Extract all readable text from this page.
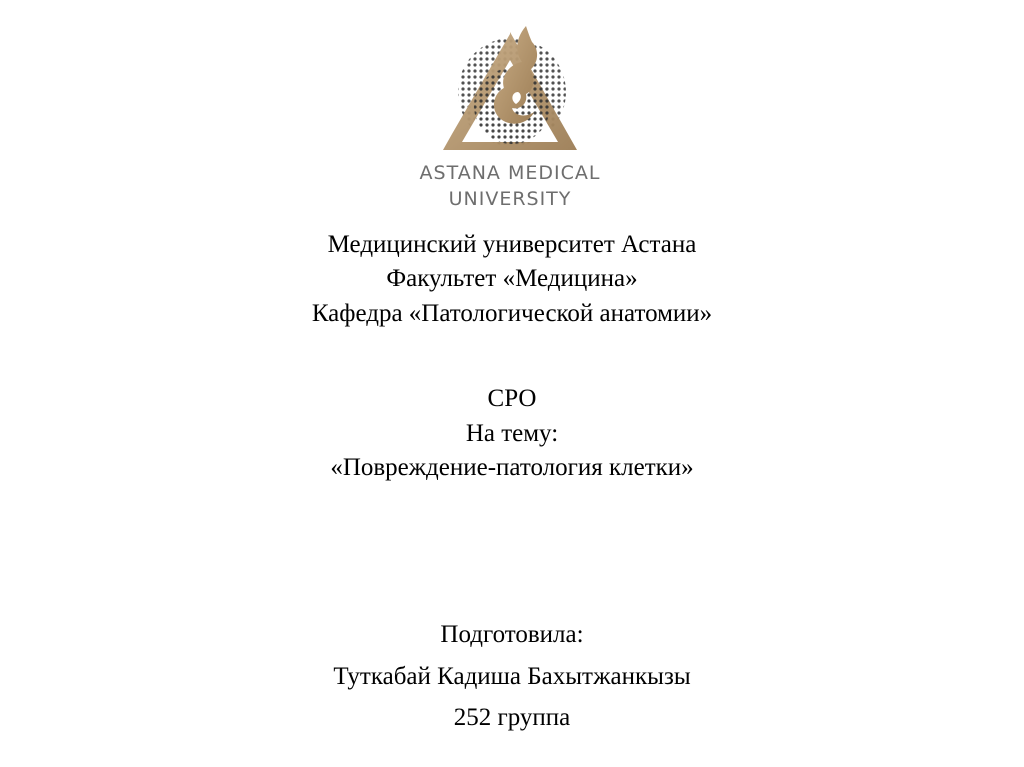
ASTANA MEDICAL
UNIVERSITY
Медицинский университет Астана
Факультет «Медицина»
Кафедра «Патологической анатомии»
СРО
На тему:
«Повреждение-патология клетки»
Подготовила:
Туткабай Кадиша Бахытжанкызы
252 группа
